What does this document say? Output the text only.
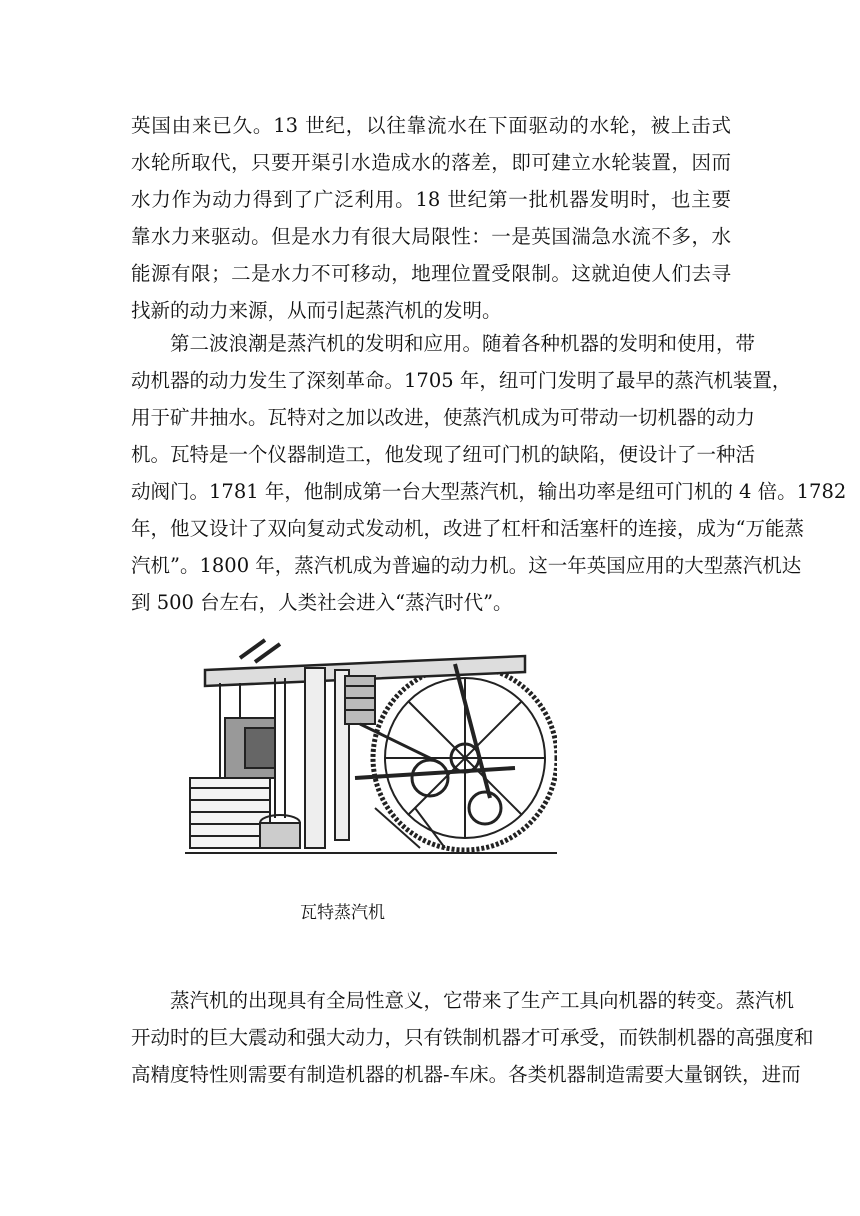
英国由来已久。13 世纪，以往靠流水在下面驱动的水轮，被上击式
水轮所取代，只要开渠引水造成水的落差，即可建立水轮装置，因而
水力作为动力得到了广泛利用。18 世纪第一批机器发明时，也主要
靠水力来驱动。但是水力有很大局限性：一是英国湍急水流不多，水
能源有限；二是水力不可移动，地理位置受限制。这就迫使人们去寻
找新的动力来源，从而引起蒸汽机的发明。
第二波浪潮是蒸汽机的发明和应用。随着各种机器的发明和使用，带
动机器的动力发生了深刻革命。1705 年，纽可门发明了最早的蒸汽机装置，
用于矿井抽水。瓦特对之加以改进，使蒸汽机成为可带动一切机器的动力
机。瓦特是一个仪器制造工，他发现了纽可门机的缺陷，便设计了一种活
动阀门。1781 年，他制成第一台大型蒸汽机，输出功率是纽可门机的 4 倍。1782
年，他又设计了双向复动式发动机，改进了杠杆和活塞杆的连接，成为“万能蒸
汽机”。1800 年，蒸汽机成为普遍的动力机。这一年英国应用的大型蒸汽机达
到 500 台左右，人类社会进入“蒸汽时代”。
瓦特蒸汽机
蒸汽机的出现具有全局性意义，它带来了生产工具向机器的转变。蒸汽机
开动时的巨大震动和强大动力，只有铁制机器才可承受，而铁制机器的高强度和
高精度特性则需要有制造机器的机器-车床。各类机器制造需要大量钢铁，进而
